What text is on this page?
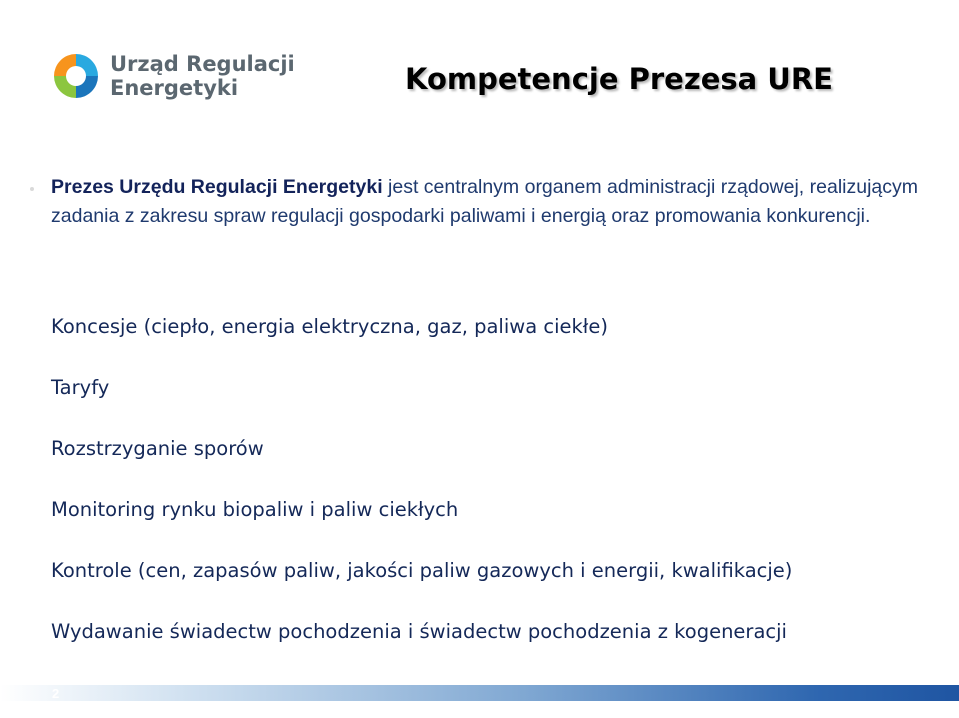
Urząd Regulacji
Energetyki	Kompetencje Prezesa URE
Prezes Urzędu Regulacji Energetyki jest centralnym organem administracji rządowej, realizującym zadania z zakresu spraw regulacji gospodarki paliwami i energią oraz promowania konkurencji.
Koncesje (ciepło, energia elektryczna, gaz, paliwa ciekłe)
Taryfy
Rozstrzyganie sporów
Monitoring rynku biopaliw i paliw ciekłych
Kontrole (cen, zapasów paliw, jakości paliw gazowych i energii, kwalifikacje)
Wydawanie świadectw pochodzenia i świadectw pochodzenia z kogeneracji
2
